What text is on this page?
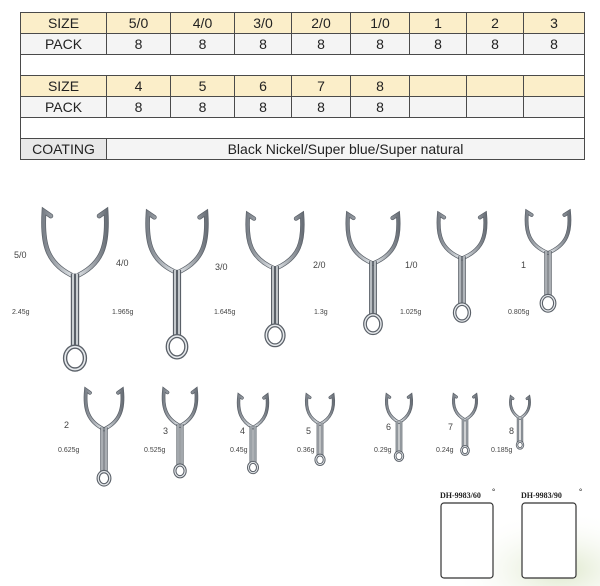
SIZE	5/0	4/0	3/0	2/0	1/0	1	2	3
PACK	8	8	8	8	8	8	8	8

SIZE	4	5	6	7	8			
PACK	8	8	8	8	8			

COATING	Black Nickel/Super blue/Super natural							
5/0
2.45g
4/0
1.965g
3/0
1.645g
2/0
1.3g
1/0
1.025g
1
0.805g
2
0.625g
3
0.525g
4
0.45g
5
0.36g
6
0.29g
7
0.24g
8
0.185g
DH-9983/60 °	DH-9983/90 °
